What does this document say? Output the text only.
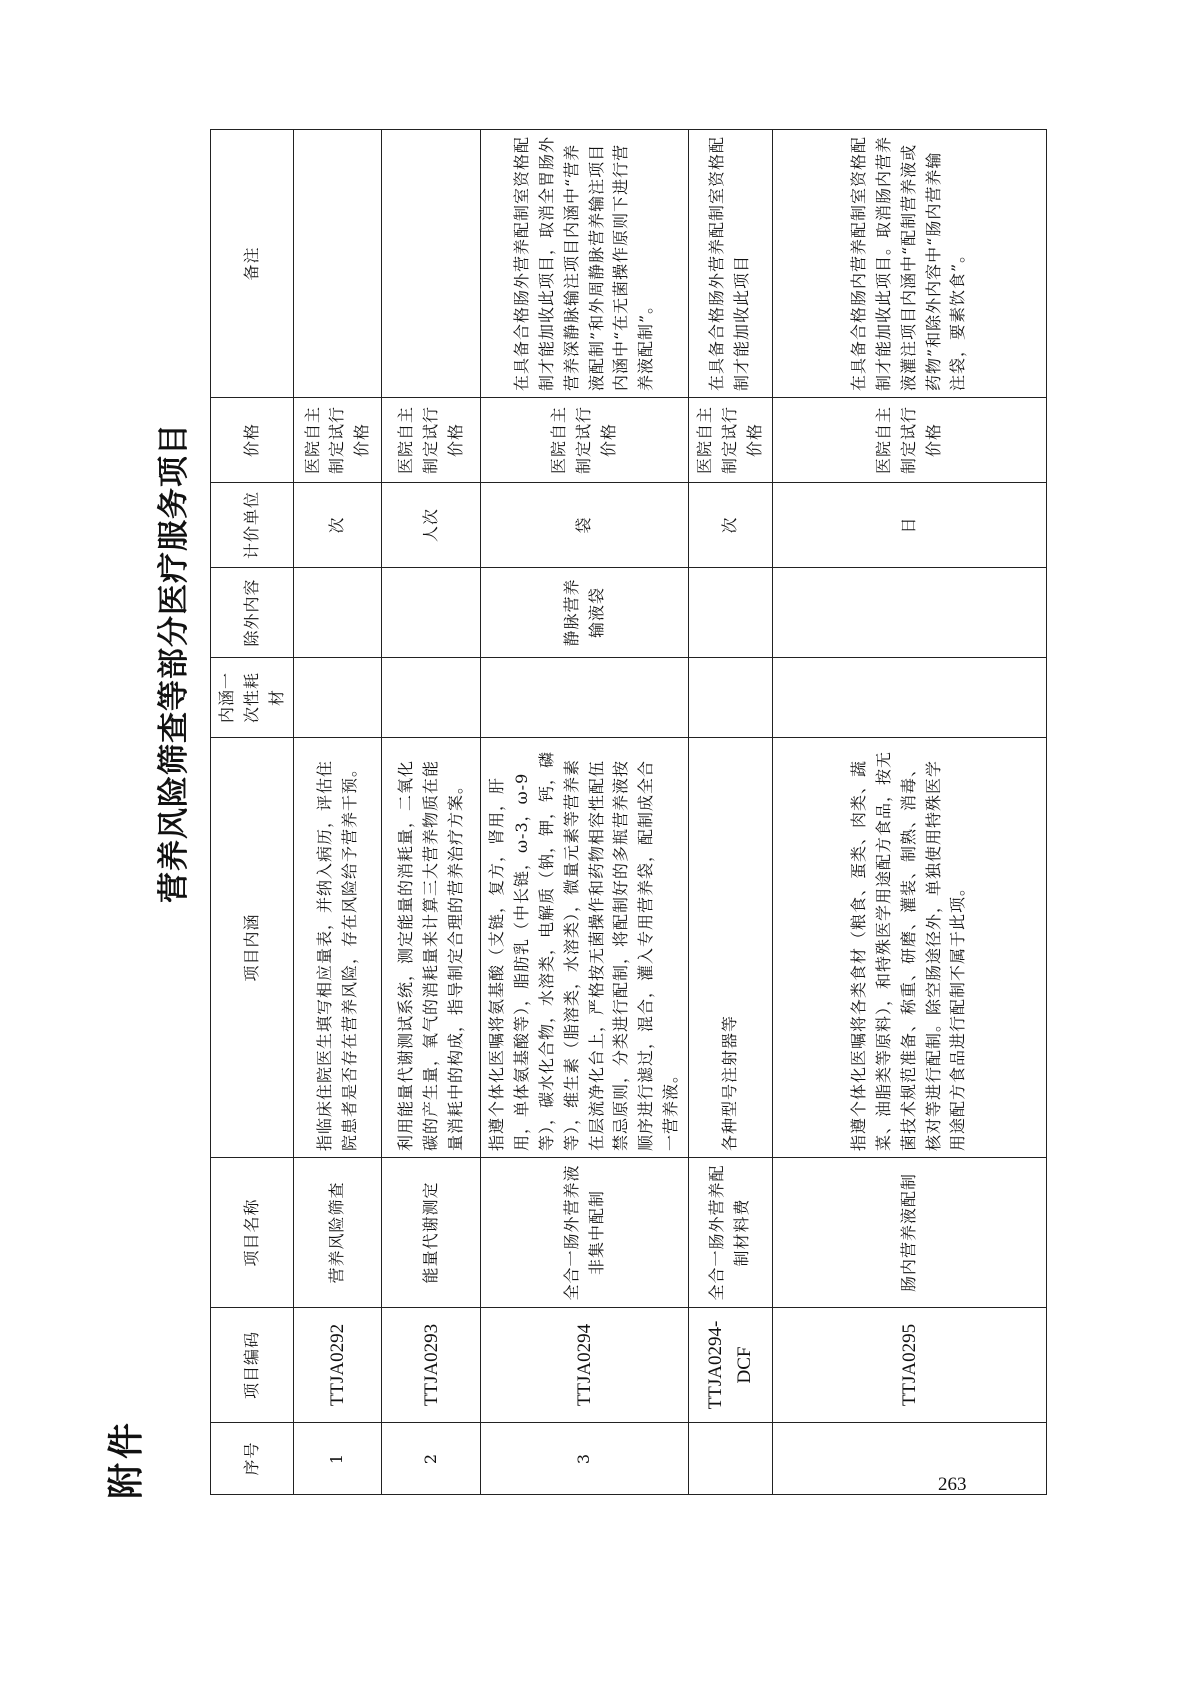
附件
营养风险筛查等部分医疗服务项目
序号	项目编码	项目名称	项目内涵	内涵一次性耗材	除外内容	计价单位	价格	备注
1	TTJA0292	营养风险筛查	指临床住院医生填写相应量表，并纳入病历，评估住院患者是否存在营养风险，存在风险给予营养干预。			次	医院自主制定试行价格	
2	TTJA0293	能量代谢测定	利用能量代谢测试系统，测定能量的消耗量，二氧化碳的产生量，氧气的消耗量来计算三大营养物质在能量消耗中的构成，指导制定合理的营养治疗方案。			人次	医院自主制定试行价格	
3	TTJA0294	全合一肠外营养液非集中配制	指遵个体化医嘱将氨基酸（支链，复方，肾用，肝用，单体氨基酸等），脂肪乳（中长链，ω-3，ω-9等），碳水化合物，水溶类，电解质（钠，钾，钙，磷等），维生素（脂溶类，水溶类），微量元素等营养素在层流净化台上，严格按无菌操作和药物相容性配伍禁忌原则，分类进行配制，将配制好的多瓶营养液按顺序进行滤过，混合，灌入专用营养袋，配制成全合一营养液。		静脉营养输液袋	袋	医院自主制定试行价格	在具备合格肠外营养配制室资格配制才能加收此项目，取消全胃肠外营养深静脉输注项目内涵中“营养液配制”和外周静脉营养输注项目内涵中“在无菌操作原则下进行营养液配制”。
	TTJA0294-DCF	全合一肠外营养配制材料费	各种型号注射器等			次	医院自主制定试行价格	在具备合格肠外营养配制室资格配制才能加收此项目
	TTJA0295	肠内营养液配制	指遵个体化医嘱将各类食材（粮食、蛋类、肉类、蔬菜、油脂类等原料），和特殊医学用途配方食品，按无菌技术规范准备、称重、研磨、灌装、制熟、消毒、核对等进行配制。除空肠途径外，单独使用特殊医学用途配方食品进行配制不属于此项。			日	医院自主制定试行价格	在具备合格肠内营养配制室资格配制才能加收此项目。取消肠内营养液灌注项目内涵中“配制营养液或药物”和除外内容中“肠内营养输注袋，要素饮食”。
263
